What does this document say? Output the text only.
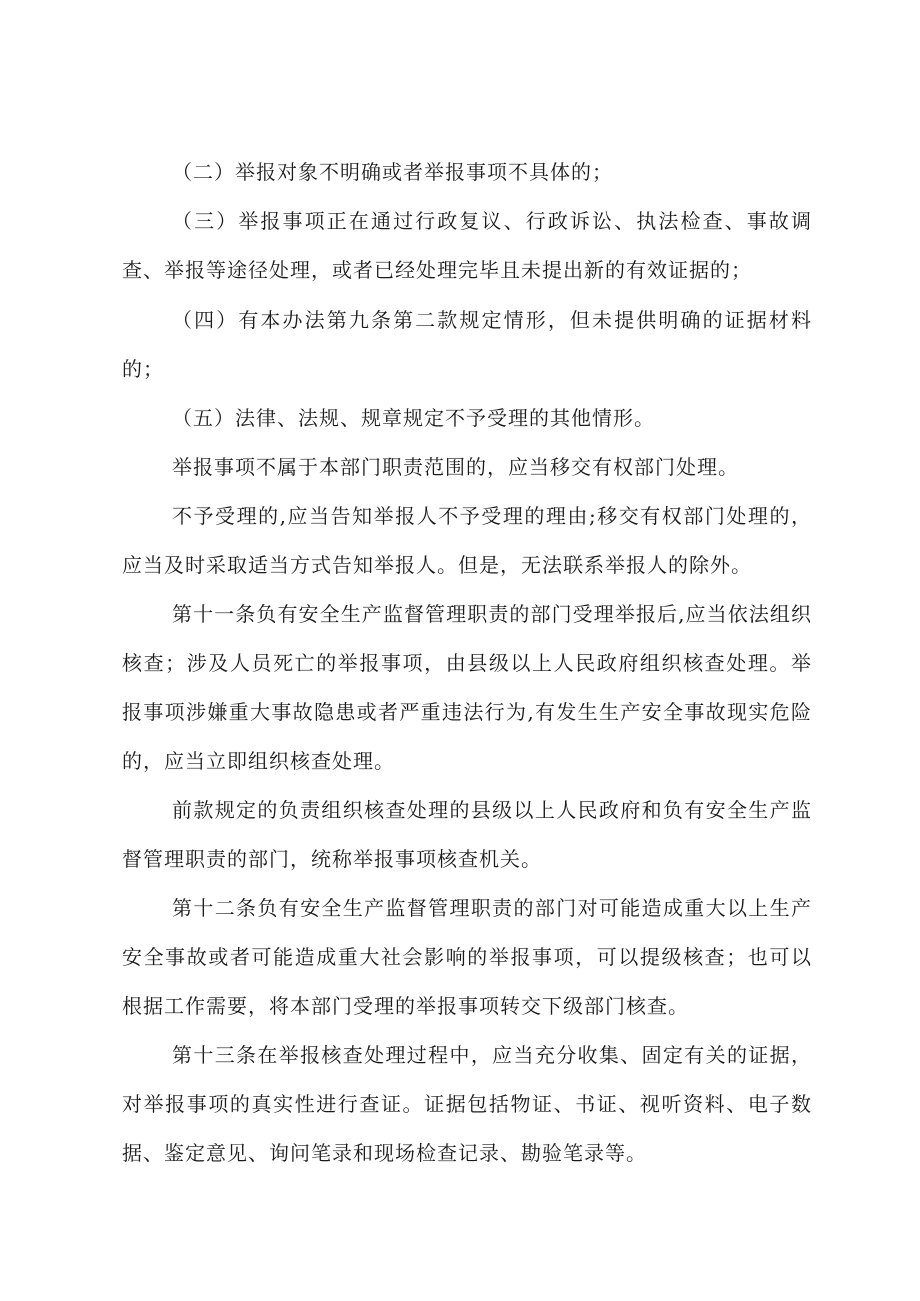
（二）举报对象不明确或者举报事项不具体的；

（三）举报事项正在通过行政复议、行政诉讼、执法检查、事故调查、举报等途径处理，或者已经处理完毕且未提出新的有效证据的；

（四）有本办法第九条第二款规定情形，但未提供明确的证据材料的；

（五）法律、法规、规章规定不予受理的其他情形。

举报事项不属于本部门职责范围的，应当移交有权部门处理。

不予受理的,应当告知举报人不予受理的理由;移交有权部门处理的，应当及时采取适当方式告知举报人。但是，无法联系举报人的除外。

第十一条负有安全生产监督管理职责的部门受理举报后,应当依法组织核查；涉及人员死亡的举报事项，由县级以上人民政府组织核查处理。举报事项涉嫌重大事故隐患或者严重违法行为,有发生生产安全事故现实危险的，应当立即组织核查处理。

前款规定的负责组织核查处理的县级以上人民政府和负有安全生产监督管理职责的部门，统称举报事项核查机关。

第十二条负有安全生产监督管理职责的部门对可能造成重大以上生产安全事故或者可能造成重大社会影响的举报事项，可以提级核查；也可以根据工作需要，将本部门受理的举报事项转交下级部门核查。

第十三条在举报核查处理过程中，应当充分收集、固定有关的证据，对举报事项的真实性进行查证。证据包括物证、书证、视听资料、电子数据、鉴定意见、询问笔录和现场检查记录、勘验笔录等。
